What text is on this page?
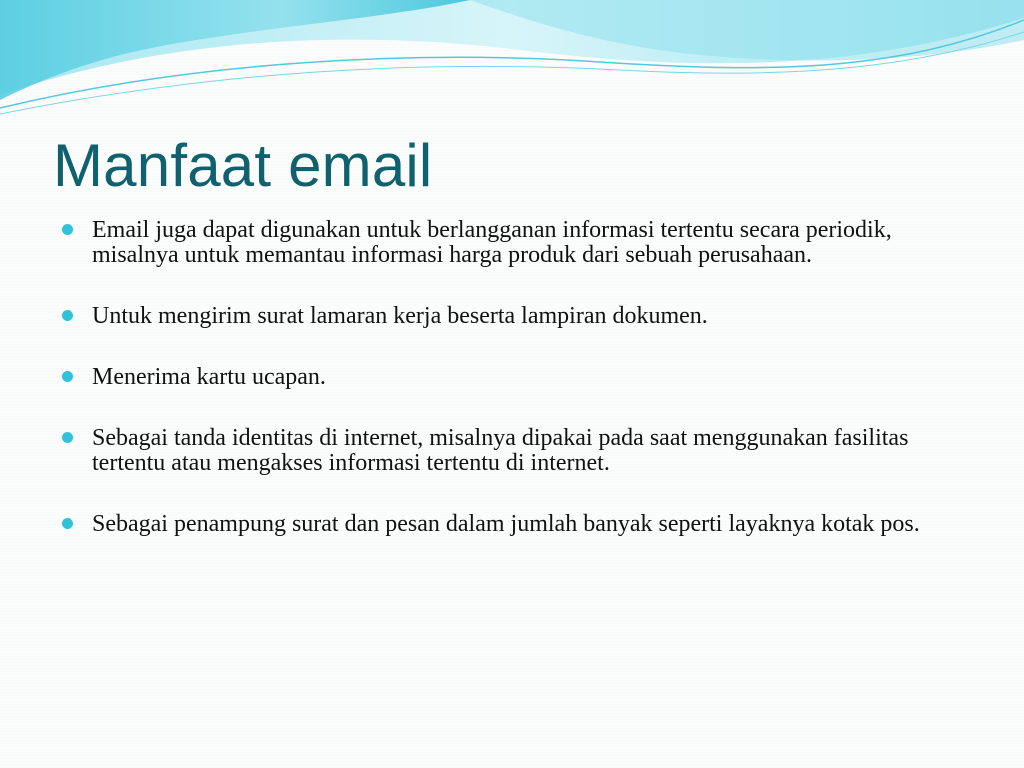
Manfaat email
Email juga dapat digunakan untuk berlangganan informasi tertentu secara periodik, misalnya untuk memantau informasi harga produk dari sebuah perusahaan.
Untuk mengirim surat lamaran kerja beserta lampiran dokumen.
Menerima kartu ucapan.
Sebagai tanda identitas di internet, misalnya dipakai pada saat menggunakan fasilitas tertentu atau mengakses informasi tertentu di internet.
Sebagai penampung surat dan pesan dalam jumlah banyak seperti layaknya kotak pos.
